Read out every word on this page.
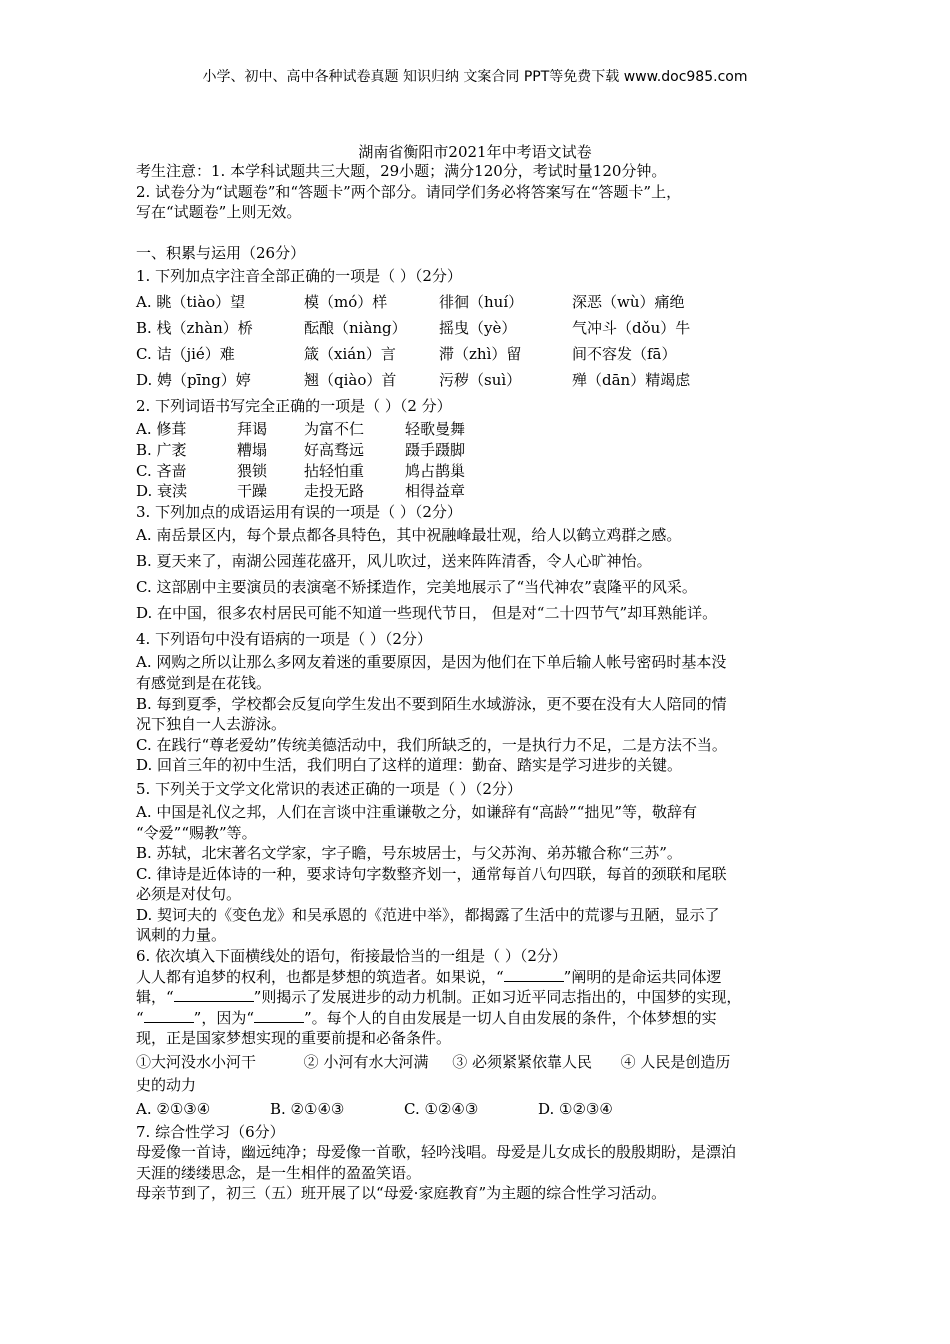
小学、初中、高中各种试卷真题 知识归纳 文案合同 PPT等免费下载 www.doc985.com
湖南省衡阳市2021年中考语文试卷
考生注意：1. 本学科试题共三大题，29小题；满分120分，考试时量120分钟。
2. 试卷分为“试题卷”和“答题卡”两个部分。请同学们务必将答案写在“答题卡”上，
写在“试题卷”上则无效。
一、积累与运用（26分）
1. 下列加点字注音全部正确的一项是（ ）（2分）
A. 眺（tiào）望	模（mó）样	徘徊（huí）	深恶（wù）痛绝
B. 栈（zhàn）桥	酝酿（niàng）	摇曳（yè）	气冲斗（dǒu）牛
C. 诘（jié）难	箴（xián）言	滞（zhì）留	间不容发（fā）
D. 娉（pīng）婷	翘（qiào）首	污秽（suì）	殚（dān）精竭虑
2. 下列词语书写完全正确的一项是（ ）（2 分）
A. 修葺	拜谒	为富不仁	轻歌曼舞
B. 广袤	糟塌	好高骛远	蹑手蹑脚
C. 吝啬	猥锁	拈轻怕重	鸠占鹊巢
D. 衰渎	干躁	走投无路	相得益章
3. 下列加点的成语运用有误的一项是（ ）（2分）
A. 南岳景区内，每个景点都各具特色，其中祝融峰最壮观，给人以鹤立鸡群之感。
B. 夏天来了，南湖公园莲花盛开，风儿吹过，送来阵阵清香，令人心旷神怡。
C. 这部剧中主要演员的表演毫不矫揉造作，完美地展示了“当代神农”袁隆平的风采。
D. 在中国，很多农村居民可能不知道一些现代节日， 但是对“二十四节气”却耳熟能详。
4. 下列语句中没有语病的一项是（ ）（2分）
A. 网购之所以让那么多网友着迷的重要原因，是因为他们在下单后输人帐号密码时基本没
有感觉到是在花钱。
B. 每到夏季，学校都会反复向学生发出不要到陌生水域游泳，更不要在没有大人陪同的情
况下独自一人去游泳。
C. 在践行“尊老爱幼”传统美德活动中，我们所缺乏的，一是执行力不足，二是方法不当。
D. 回首三年的初中生活，我们明白了这样的道理：勤奋、踏实是学习进步的关键。
5. 下列关于文学文化常识的表述正确的一项是（ ）（2分）
A. 中国是礼仪之邦，人们在言谈中注重谦敬之分，如谦辞有“高龄”“拙见”等，敬辞有
“令爱”“赐教”等。
B. 苏轼，北宋著名文学家，字子瞻，号东坡居士，与父苏洵、弟苏辙合称“三苏”。
C. 律诗是近体诗的一种，要求诗句字数整齐划一，通常每首八句四联，每首的颈联和尾联
必须是对仗句。
D. 契诃夫的《变色龙》和吴承恩的《范进中举》，都揭露了生活中的荒谬与丑陋，显示了
讽刺的力量。
6. 依次填入下面横线处的语句，衔接最恰当的一组是（ ）（2分）
人人都有追梦的权利，也都是梦想的筑造者。如果说，“	”阐明的是命运共同体逻
辑，“	”则揭示了发展进步的动力机制。正如习近平同志指出的，中国梦的实现，
“	”，因为“	”。每个人的自由发展是一切人自由发展的条件，个体梦想的实
现，正是国家梦想实现的重要前提和必备条件。
①大河没水小河干          ② 小河有水大河满     ③ 必须紧紧依靠人民      ④ 人民是创造历
史的动力
A. ②①③④	B. ②①④③	C. ①②④③	D. ①②③④
7. 综合性学习（6分）
母爱像一首诗，幽远纯净；母爱像一首歌，轻吟浅唱。母爱是儿女成长的殷殷期盼，是漂泊
天涯的缕缕思念，是一生相伴的盈盈笑语。
母亲节到了，初三（五）班开展了以“母爱·家庭教育”为主题的综合性学习活动。
